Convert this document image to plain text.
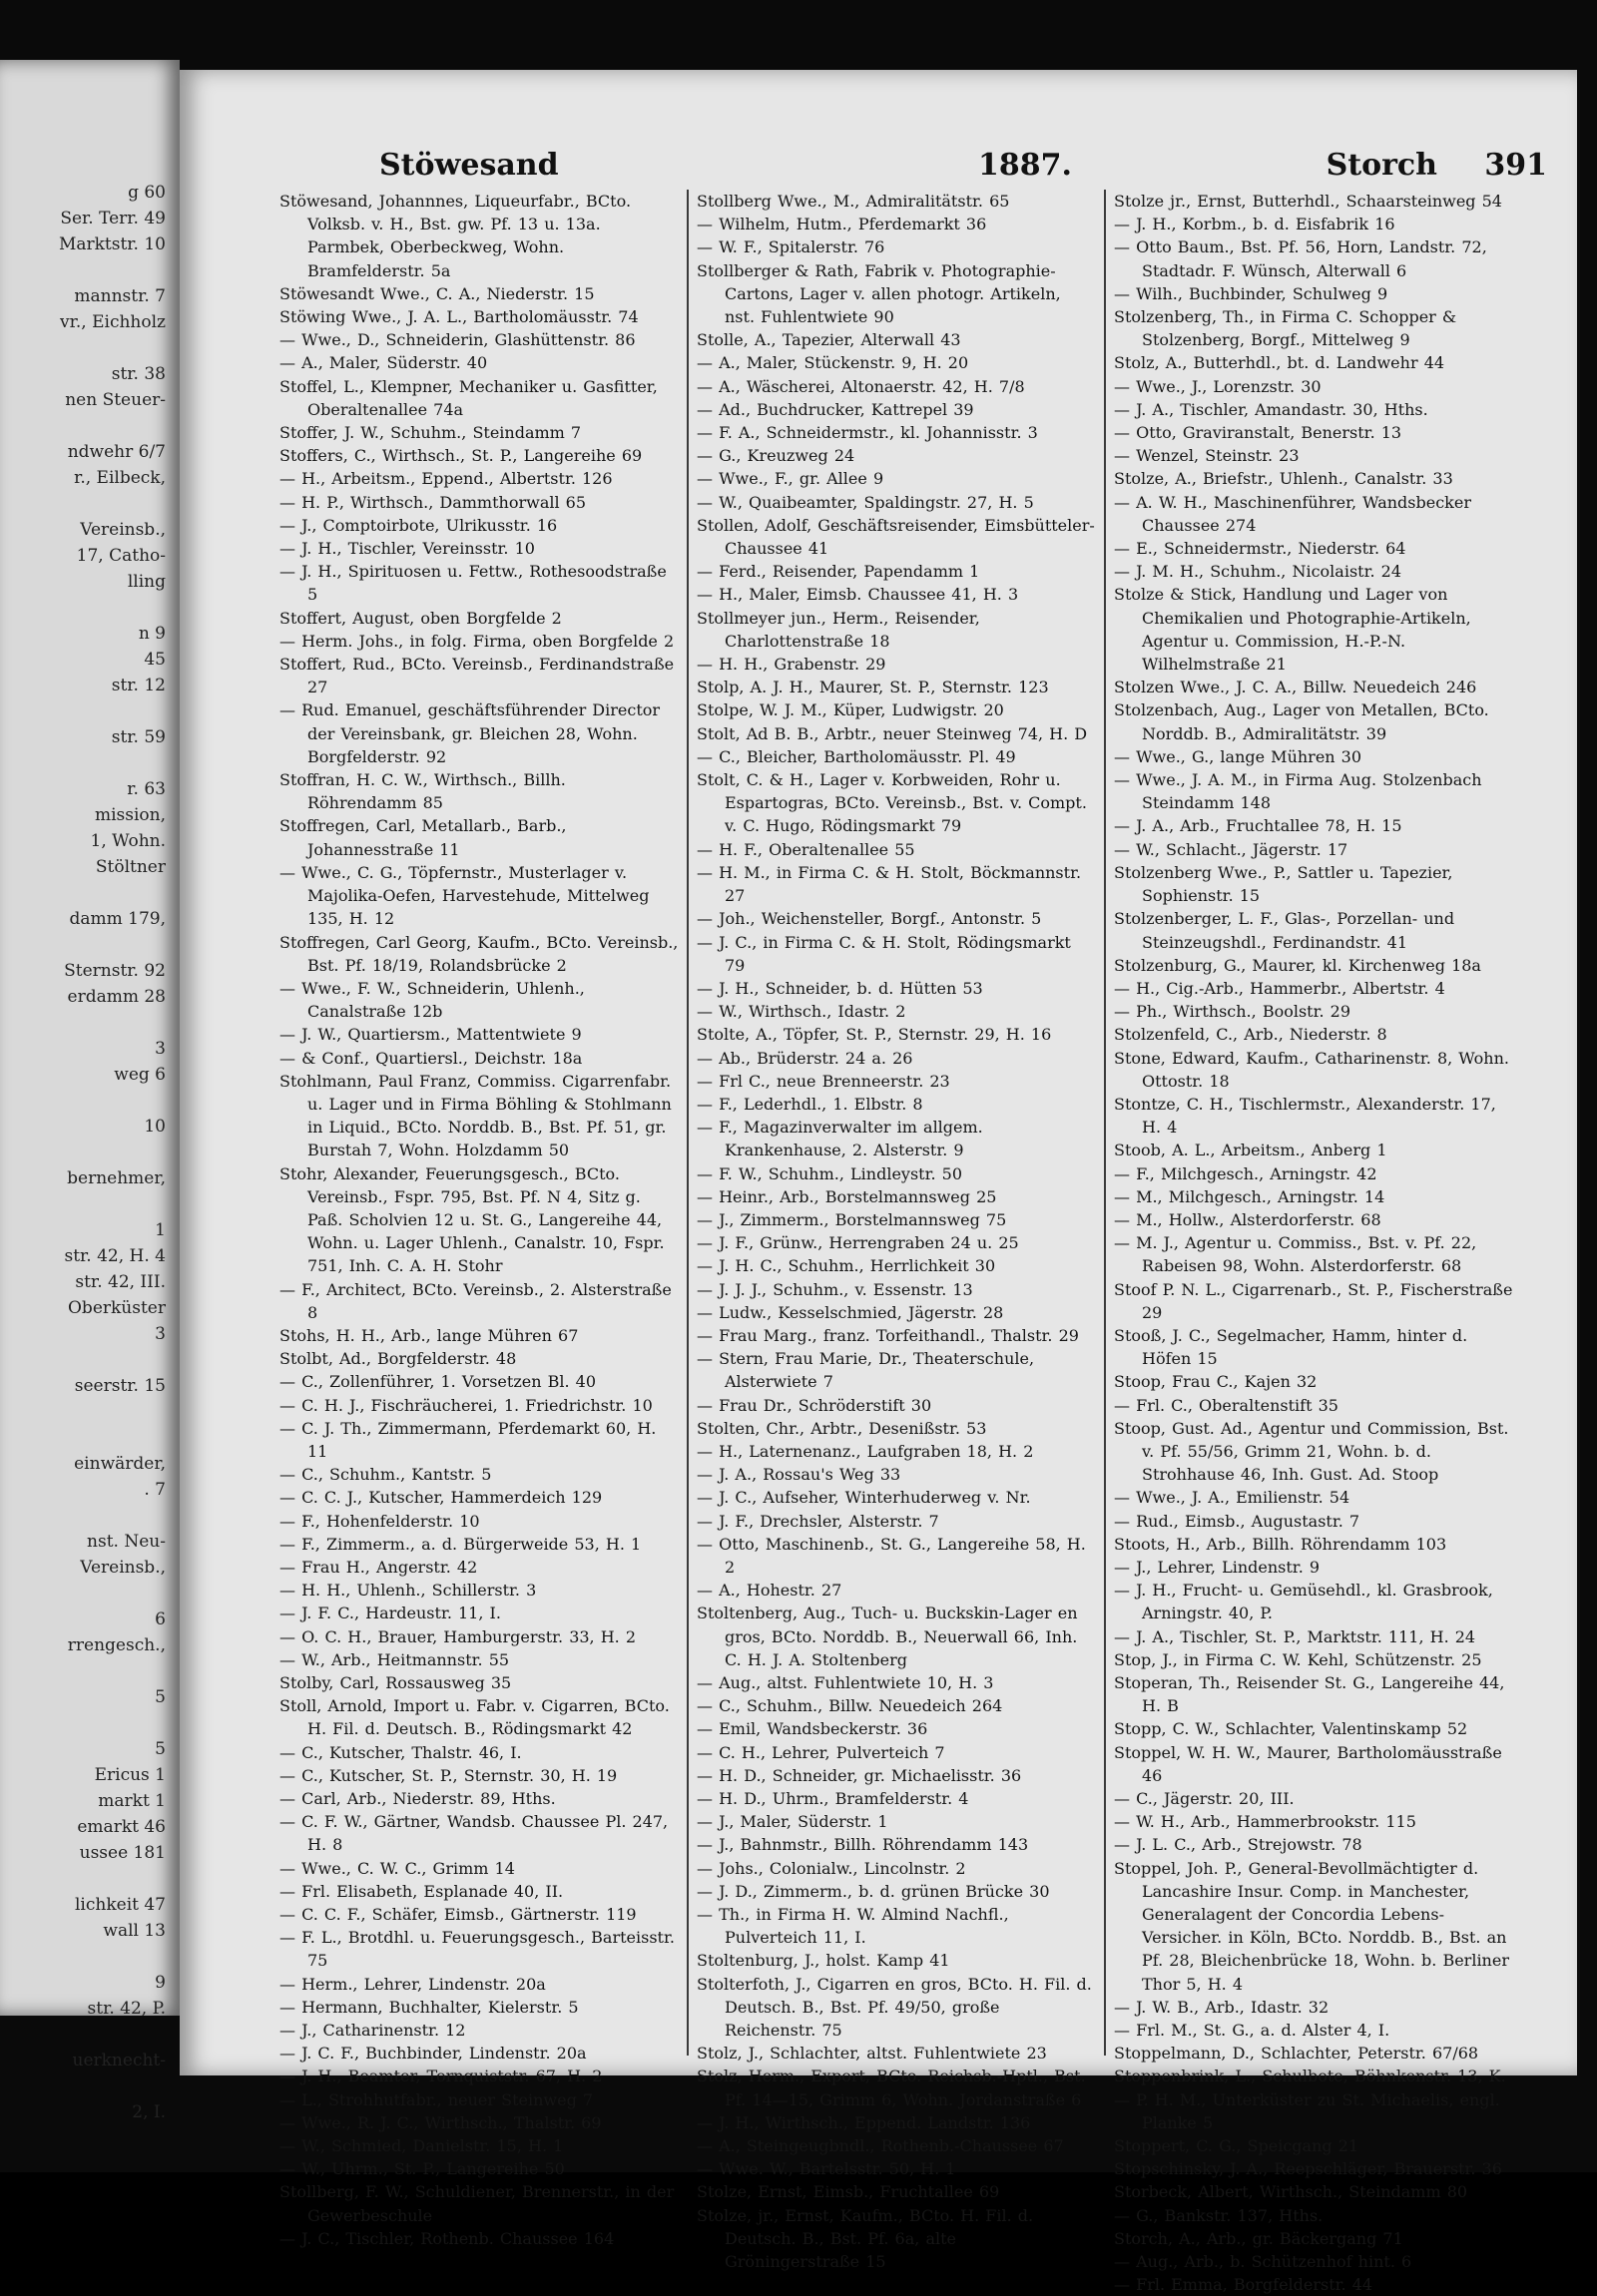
g 60
Ser. Terr. 49
Marktstr. 10

mannstr. 7
vr., Eichholz

str. 38
nen Steuer-

ndwehr 6/7
r., Eilbeck,

Vereinsb.,
17, Catho-
lling

n 9
45
str. 12

str. 59

r. 63
mission,
1, Wohn.
Stöltner

damm 179,

Sternstr. 92
erdamm 28

3
weg 6

10

bernehmer,

1
str. 42, H. 4
str. 42, III.
Oberküster
3

seerstr. 15

einwärder,
. 7

nst. Neu-
Vereinsb.,

6
rrengesch.,

5

5
Ericus 1
markt 1
emarkt 46
ussee 181

lichkeit 47
wall 13

9
str. 42, P.

uerknecht-

2, I.
Stöwesand	1887.	Storch 391

Stöwesand, Johannnes, Liqueurfabr., BCto. Volksb. v. H., Bst. gw. Pf. 13 u. 13a. Parmbek, Oberbeckweg, Wohn. Bramfelderstr. 5a

Stöwesandt Wwe., C. A., Niederstr. 15

Stöwing Wwe., J. A. L., Bartholomäusstr. 74

— Wwe., D., Schneiderin, Glashüttenstr. 86

— A., Maler, Süderstr. 40

Stoffel, L., Klempner, Mechaniker u. Gasfitter, Oberaltenallee 74a

Stoffer, J. W., Schuhm., Steindamm 7

Stoffers, C., Wirthsch., St. P., Langereihe 69

— H., Arbeitsm., Eppend., Albertstr. 126

— H. P., Wirthsch., Dammthorwall 65

— J., Comptoirbote, Ulrikusstr. 16

— J. H., Tischler, Vereinsstr. 10

— J. H., Spirituosen u. Fettw., Rothesoodstraße 5

Stoffert, August, oben Borgfelde 2

— Herm. Johs., in folg. Firma, oben Borgfelde 2

Stoffert, Rud., BCto. Vereinsb., Ferdinandstraße 27

— Rud. Emanuel, geschäftsführender Director der Vereinsbank, gr. Bleichen 28, Wohn. Borgfelderstr. 92

Stoffran, H. C. W., Wirthsch., Billh. Röhrendamm 85

Stoffregen, Carl, Metallarb., Barb., Johannesstraße 11

— Wwe., C. G., Töpfernstr., Musterlager v. Majolika-Oefen, Harvestehude, Mittelweg 135, H. 12

Stoffregen, Carl Georg, Kaufm., BCto. Vereinsb., Bst. Pf. 18/19, Rolandsbrücke 2

— Wwe., F. W., Schneiderin, Uhlenh., Canalstraße 12b

— J. W., Quartiersm., Mattentwiete 9

— & Conf., Quartiersl., Deichstr. 18a

Stohlmann, Paul Franz, Commiss. Cigarrenfabr. u. Lager und in Firma Böhling & Stohlmann in Liquid., BCto. Norddb. B., Bst. Pf. 51, gr. Burstah 7, Wohn. Holzdamm 50

Stohr, Alexander, Feuerungsgesch., BCto. Vereinsb., Fspr. 795, Bst. Pf. N 4, Sitz g. Paß. Scholvien 12 u. St. G., Langereihe 44, Wohn. u. Lager Uhlenh., Canalstr. 10, Fspr. 751, Inh. C. A. H. Stohr

— F., Architect, BCto. Vereinsb., 2. Alsterstraße 8

Stohs, H. H., Arb., lange Mühren 67

Stolbt, Ad., Borgfelderstr. 48

— C., Zollenführer, 1. Vorsetzen Bl. 40

— C. H. J., Fischräucherei, 1. Friedrichstr. 10

— C. J. Th., Zimmermann, Pferdemarkt 60, H. 11

— C., Schuhm., Kantstr. 5

— C. C. J., Kutscher, Hammerdeich 129

— F., Hohenfelderstr. 10

— F., Zimmerm., a. d. Bürgerweide 53, H. 1

— Frau H., Angerstr. 42

— H. H., Uhlenh., Schillerstr. 3

— J. F. C., Hardeustr. 11, I.

— O. C. H., Brauer, Hamburgerstr. 33, H. 2

— W., Arb., Heitmannstr. 55

Stolby, Carl, Rossausweg 35

Stoll, Arnold, Import u. Fabr. v. Cigarren, BCto. H. Fil. d. Deutsch. B., Rödingsmarkt 42

— C., Kutscher, Thalstr. 46, I.

— C., Kutscher, St. P., Sternstr. 30, H. 19

— Carl, Arb., Niederstr. 89, Hths.

— C. F. W., Gärtner, Wandsb. Chaussee Pl. 247, H. 8

— Wwe., C. W. C., Grimm 14

— Frl. Elisabeth, Esplanade 40, II.

— C. C. F., Schäfer, Eimsb., Gärtnerstr. 119

— F. L., Brotdhl. u. Feuerungsgesch., Barteisstr. 75

— Herm., Lehrer, Lindenstr. 20a

— Hermann, Buchhalter, Kielerstr. 5

— J., Catharinenstr. 12

— J. C. F., Buchbinder, Lindenstr. 20a

— J. H., Beamter, Tornquiststr. 67, H. 2

— L., Strohhutfabr., neuer Steinweg 7

— Wwe., R. J. C., Wirthsch., Thalstr. 69

— W., Schmied, Danielstr. 15, H. 1

— W., Uhrm., St. P., Langereihe 50

Stollberg, F. W., Schuldiener, Brennerstr., in der Gewerbeschule

— J. C., Tischler, Rothenb. Chaussee 164

Stollberg Wwe., M., Admiralitätstr. 65

— Wilhelm, Hutm., Pferdemarkt 36

— W. F., Spitalerstr. 76

Stollberger & Rath, Fabrik v. Photographie-Cartons, Lager v. allen photogr. Artikeln, nst. Fuhlentwiete 90

Stolle, A., Tapezier, Alterwall 43

— A., Maler, Stückenstr. 9, H. 20

— A., Wäscherei, Altonaerstr. 42, H. 7/8

— Ad., Buchdrucker, Kattrepel 39

— F. A., Schneidermstr., kl. Johannisstr. 3

— G., Kreuzweg 24

— Wwe., F., gr. Allee 9

— W., Quaibeamter, Spaldingstr. 27, H. 5

Stollen, Adolf, Geschäftsreisender, Eimsbütteler-Chaussee 41

— Ferd., Reisender, Papendamm 1

— H., Maler, Eimsb. Chaussee 41, H. 3

Stollmeyer jun., Herm., Reisender, Charlottenstraße 18

— H. H., Grabenstr. 29

Stolp, A. J. H., Maurer, St. P., Sternstr. 123

Stolpe, W. J. M., Küper, Ludwigstr. 20

Stolt, Ad B. B., Arbtr., neuer Steinweg 74, H. D

— C., Bleicher, Bartholomäusstr. Pl. 49

Stolt, C. & H., Lager v. Korbweiden, Rohr u. Espartogras, BCto. Vereinsb., Bst. v. Compt. v. C. Hugo, Rödingsmarkt 79

— H. F., Oberaltenallee 55

— H. M., in Firma C. & H. Stolt, Böckmannstr. 27

— Joh., Weichensteller, Borgf., Antonstr. 5

— J. C., in Firma C. & H. Stolt, Rödingsmarkt 79

— J. H., Schneider, b. d. Hütten 53

— W., Wirthsch., Idastr. 2

Stolte, A., Töpfer, St. P., Sternstr. 29, H. 16

— Ab., Brüderstr. 24 a. 26

— Frl C., neue Brenneerstr. 23

— F., Lederhdl., 1. Elbstr. 8

— F., Magazinverwalter im allgem. Krankenhause, 2. Alsterstr. 9

— F. W., Schuhm., Lindleystr. 50

— Heinr., Arb., Borstelmannsweg 25

— J., Zimmerm., Borstelmannsweg 75

— J. F., Grünw., Herrengraben 24 u. 25

— J. H. C., Schuhm., Herrlichkeit 30

— J. J. J., Schuhm., v. Essenstr. 13

— Ludw., Kesselschmied, Jägerstr. 28

— Frau Marg., franz. Torfeithandl., Thalstr. 29

— Stern, Frau Marie, Dr., Theaterschule, Alsterwiete 7

— Frau Dr., Schröderstift 30

Stolten, Chr., Arbtr., Desenißstr. 53

— H., Laternenanz., Laufgraben 18, H. 2

— J. A., Rossau's Weg 33

— J. C., Aufseher, Winterhuderweg v. Nr.

— J. F., Drechsler, Alsterstr. 7

— Otto, Maschinenb., St. G., Langereihe 58, H. 2

— A., Hohestr. 27

Stoltenberg, Aug., Tuch- u. Buckskin-Lager en gros, BCto. Norddb. B., Neuerwall 66, Inh. C. H. J. A. Stoltenberg

— Aug., altst. Fuhlentwiete 10, H. 3

— C., Schuhm., Billw. Neuedeich 264

— Emil, Wandsbeckerstr. 36

— C. H., Lehrer, Pulverteich 7

— H. D., Schneider, gr. Michaelisstr. 36

— H. D., Uhrm., Bramfelderstr. 4

— J., Maler, Süderstr. 1

— J., Bahnmstr., Billh. Röhrendamm 143

— Johs., Colonialw., Lincolnstr. 2

— J. D., Zimmerm., b. d. grünen Brücke 30

— Th., in Firma H. W. Almind Nachfl., Pulverteich 11, I.

Stoltenburg, J., holst. Kamp 41

Stolterfoth, J., Cigarren en gros, BCto. H. Fil. d. Deutsch. B., Bst. Pf. 49/50, große Reichenstr. 75

Stolz, J., Schlachter, altst. Fuhlentwiete 23

Stolz, Herm., Export, BCto. Reichsb.-Hptl., Bst. Pf. 14—15, Grimm 6, Wohn. Jordanstraße 6

— J. H., Wirthsch., Eppend. Landstr. 136

— A., Steingeugbndl., Rothenb.-Chaussee 67

— Wwe. W., Bartelsstr. 50, H. 1

Stolze, Ernst, Eimsb., Fruchtallee 69

Stolze, jr., Ernst, Kaufm., BCto. H. Fil. d. Deutsch. B., Bst. Pf. 6a, alte Gröningerstraße 15

Stolze jr., Ernst, Butterhdl., Schaarsteinweg 54

— J. H., Korbm., b. d. Eisfabrik 16

— Otto Baum., Bst. Pf. 56, Horn, Landstr. 72, Stadtadr. F. Wünsch, Alterwall 6

— Wilh., Buchbinder, Schulweg 9

Stolzenberg, Th., in Firma C. Schopper & Stolzenberg, Borgf., Mittelweg 9

Stolz, A., Butterhdl., bt. d. Landwehr 44

— Wwe., J., Lorenzstr. 30

— J. A., Tischler, Amandastr. 30, Hths.

— Otto, Graviranstalt, Benerstr. 13

— Wenzel, Steinstr. 23

Stolze, A., Briefstr., Uhlenh., Canalstr. 33

— A. W. H., Maschinenführer, Wandsbecker Chaussee 274

— E., Schneidermstr., Niederstr. 64

— J. M. H., Schuhm., Nicolaistr. 24

Stolze & Stick, Handlung und Lager von Chemikalien und Photographie-Artikeln, Agentur u. Commission, H.-P.-N. Wilhelmstraße 21

Stolzen Wwe., J. C. A., Billw. Neuedeich 246

Stolzenbach, Aug., Lager von Metallen, BCto. Norddb. B., Admiralitätstr. 39

— Wwe., G., lange Mühren 30

— Wwe., J. A. M., in Firma Aug. Stolzenbach Steindamm 148

— J. A., Arb., Fruchtallee 78, H. 15

— W., Schlacht., Jägerstr. 17

Stolzenberg Wwe., P., Sattler u. Tapezier, Sophienstr. 15

Stolzenberger, L. F., Glas-, Porzellan- und Steinzeugshdl., Ferdinandstr. 41

Stolzenburg, G., Maurer, kl. Kirchenweg 18a

— H., Cig.-Arb., Hammerbr., Albertstr. 4

— Ph., Wirthsch., Boolstr. 29

Stolzenfeld, C., Arb., Niederstr. 8

Stone, Edward, Kaufm., Catharinenstr. 8, Wohn. Ottostr. 18

Stontze, C. H., Tischlermstr., Alexanderstr. 17, H. 4

Stoob, A. L., Arbeitsm., Anberg 1

— F., Milchgesch., Arningstr. 42

— M., Milchgesch., Arningstr. 14

— M., Hollw., Alsterdorferstr. 68

— M. J., Agentur u. Commiss., Bst. v. Pf. 22, Rabeisen 98, Wohn. Alsterdorferstr. 68

Stoof P. N. L., Cigarrenarb., St. P., Fischerstraße 29

Stooß, J. C., Segelmacher, Hamm, hinter d. Höfen 15

Stoop, Frau C., Kajen 32

— Frl. C., Oberaltenstift 35

Stoop, Gust. Ad., Agentur und Commission, Bst. v. Pf. 55/56, Grimm 21, Wohn. b. d. Strohhause 46, Inh. Gust. Ad. Stoop

— Wwe., J. A., Emilienstr. 54

— Rud., Eimsb., Augustastr. 7

Stoots, H., Arb., Billh. Röhrendamm 103

— J., Lehrer, Lindenstr. 9

— J. H., Frucht- u. Gemüsehdl., kl. Grasbrook, Arningstr. 40, P.

— J. A., Tischler, St. P., Marktstr. 111, H. 24

Stop, J., in Firma C. W. Kehl, Schützenstr. 25

Stoperan, Th., Reisender St. G., Langereihe 44, H. B

Stopp, C. W., Schlachter, Valentinskamp 52

Stoppel, W. H. W., Maurer, Bartholomäusstraße 46

— C., Jägerstr. 20, III.

— W. H., Arb., Hammerbrookstr. 115

— J. L. C., Arb., Strejowstr. 78

Stoppel, Joh. P., General-Bevollmächtigter d. Lancashire Insur. Comp. in Manchester, Generalagent der Concordia Lebens-Versicher. in Köln, BCto. Norddb. B., Bst. an Pf. 28, Bleichenbrücke 18, Wohn. b. Berliner Thor 5, H. 4

— J. W. B., Arb., Idastr. 32

— Frl. M., St. G., a. d. Alster 4, I.

Stoppelmann, D., Schlachter, Peterstr. 67/68

Stoppenbrink, L., Schulbote, Böhnkenstr. 13, K.

— P. H. M., Unterküster zu St. Michaelis, engl. Planke 5

Stoppert, C. G., Speicgang 21

Stopschinsky, J. A., Reepschläger, Brauerstr. 36

Storbeck, Albert, Wirthsch., Steindamm 80

— G., Bankstr. 137, Hths.

Storch, A., Arb., gr. Bäckergang 71

— Aug., Arb., b. Schützenhof hint. 6

— Frl. Emma, Borgfelderstr. 44
